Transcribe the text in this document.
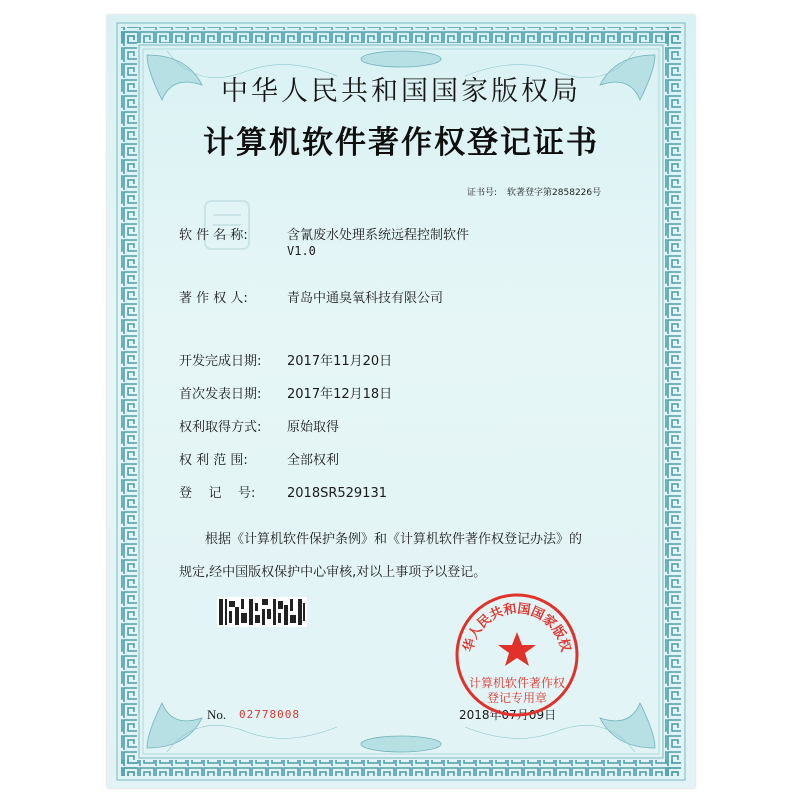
中华人民共和国国家版权局
计算机软件著作权登记证书
证书号: 软著登字第2858226号
软 件 名 称:	含氰废水处理系统远程控制软件
V1.0
著 作 权 人:	青岛中通臭氧科技有限公司
开发完成日期: 2017年11月20日
首次发表日期: 2017年12月18日
权利取得方式: 原始取得
权 利 范 围:	全部权利
登    记    号: 2018SR529131
根据《计算机软件保护条例》和《计算机软件著作权登记办法》的
规定,经中国版权保护中心审核,对以上事项予以登记。
No. 02778008	2018年07月09日
华人民共和国国家版权
计算机软件著作权
登记专用章
